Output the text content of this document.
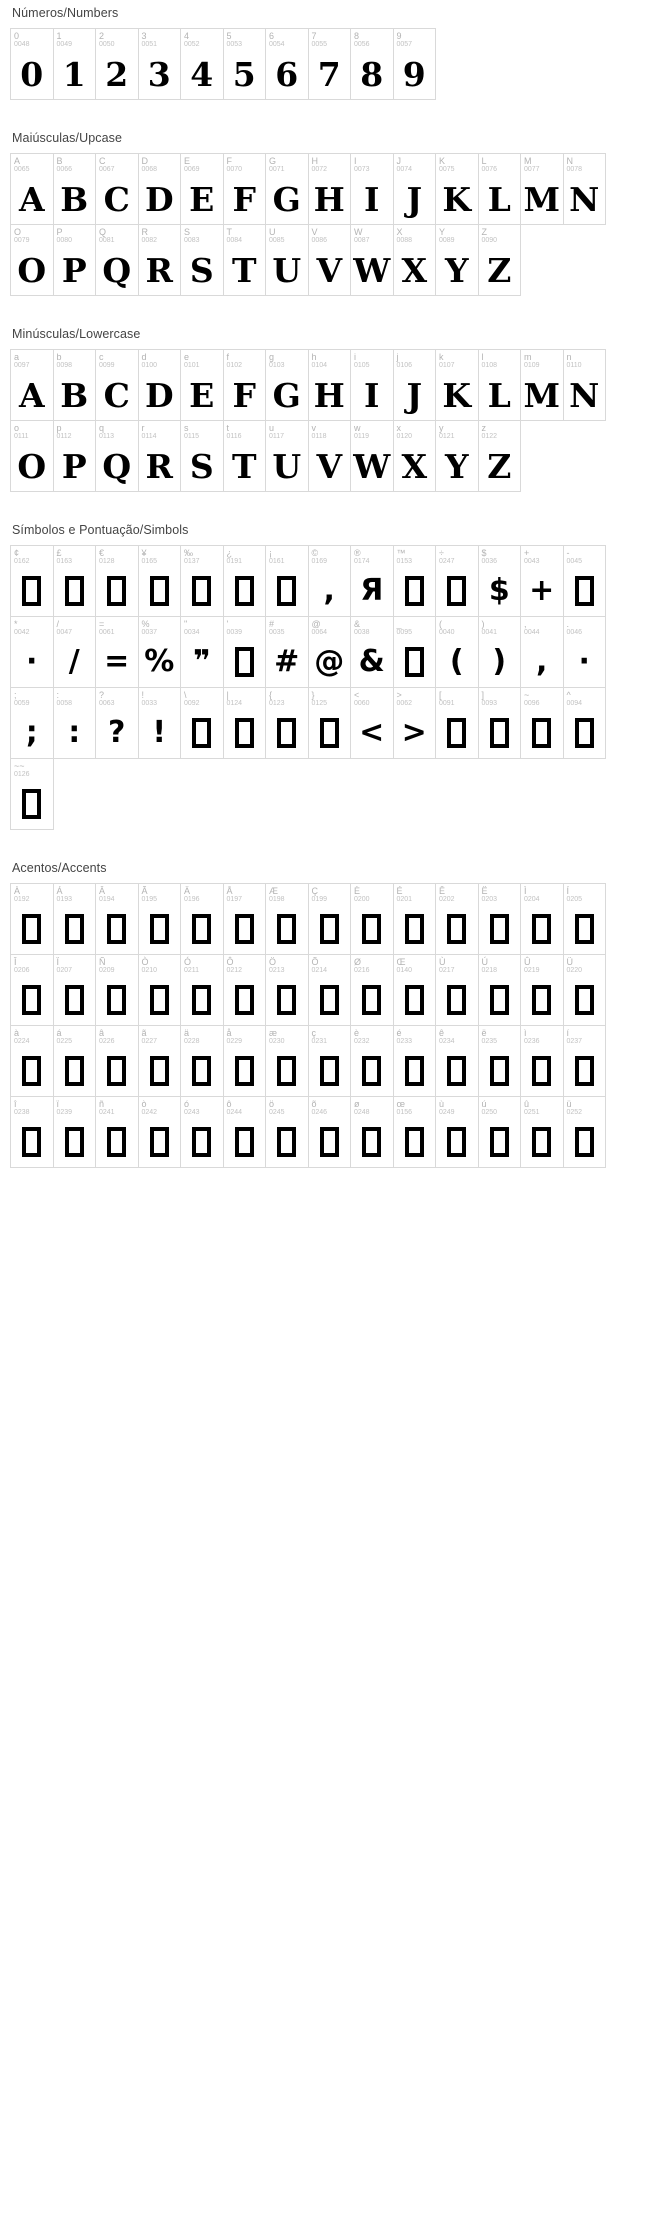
Números/Numbers
0
0048
0
1
0049
1
2
0050
2
3
0051
3
4
0052
4
5
0053
5
6
0054
6
7
0055
7
8
0056
8
9
0057
9
Maiúsculas/Upcase
A
0065
A
B
0066
B
C
0067
C
D
0068
D
E
0069
E
F
0070
F
G
0071
G
H
0072
H
I
0073
I
J
0074
J
K
0075
K
L
0076
L
M
0077
M
N
0078
N
O
0079
O
P
0080
P
Q
0081
Q
R
0082
R
S
0083
S
T
0084
T
U
0085
U
V
0086
V
W
0087
W
X
0088
X
Y
0089
Y
Z
0090
Z
Minúsculas/Lowercase
a
0097
A
b
0098
B
c
0099
C
d
0100
D
e
0101
E
f
0102
F
g
0103
G
h
0104
H
i
0105
I
j
0106
J
k
0107
K
l
0108
L
m
0109
M
n
0110
N
o
0111
O
p
0112
P
q
0113
Q
r
0114
R
s
0115
S
t
0116
T
u
0117
U
v
0118
V
w
0119
W
x
0120
X
y
0121
Y
z
0122
Z
Símbolos e Pontuação/Simbols
¢
0162
£
0163
€
0128
¥
0165
‰
0137
¿
0191
¡
0161
©
0169
,
®
0174
Я
™
0153
÷
0247
$
0036
$
+
0043
+
-
0045
*
0042
·
/
0047
/
=
0061
=
%
0037
%
"
0034
❞
'
0039
#
0035
#
@
0064
@
&
0038
&
_
0095
(
0040
(
)
0041
)
,
0044
,
.
0046
·
;
0059
;
:
0058
:
?
0063
?
!
0033
!
\
0092
|
0124
{
0123
}
0125
<
0060
<
>
0062
>
[
0091
]
0093
~
0096
^
0094
~~
0126
Acentos/Accents
À
0192
Á
0193
Â
0194
Ã
0195
Ä
0196
Å
0197
Æ
0198
Ç
0199
È
0200
É
0201
Ê
0202
Ë
0203
Ì
0204
Í
0205
Î
0206
Ï
0207
Ñ
0209
Ò
0210
Ó
0211
Ô
0212
Ö
0213
Õ
0214
Ø
0216
Œ
0140
Ù
0217
Ú
0218
Û
0219
Ü
0220
à
0224
á
0225
â
0226
ã
0227
ä
0228
å
0229
æ
0230
ç
0231
è
0232
é
0233
ê
0234
ë
0235
ì
0236
í
0237
î
0238
ï
0239
ñ
0241
ò
0242
ó
0243
ô
0244
ö
0245
õ
0246
ø
0248
œ
0156
ù
0249
ú
0250
û
0251
ü
0252
